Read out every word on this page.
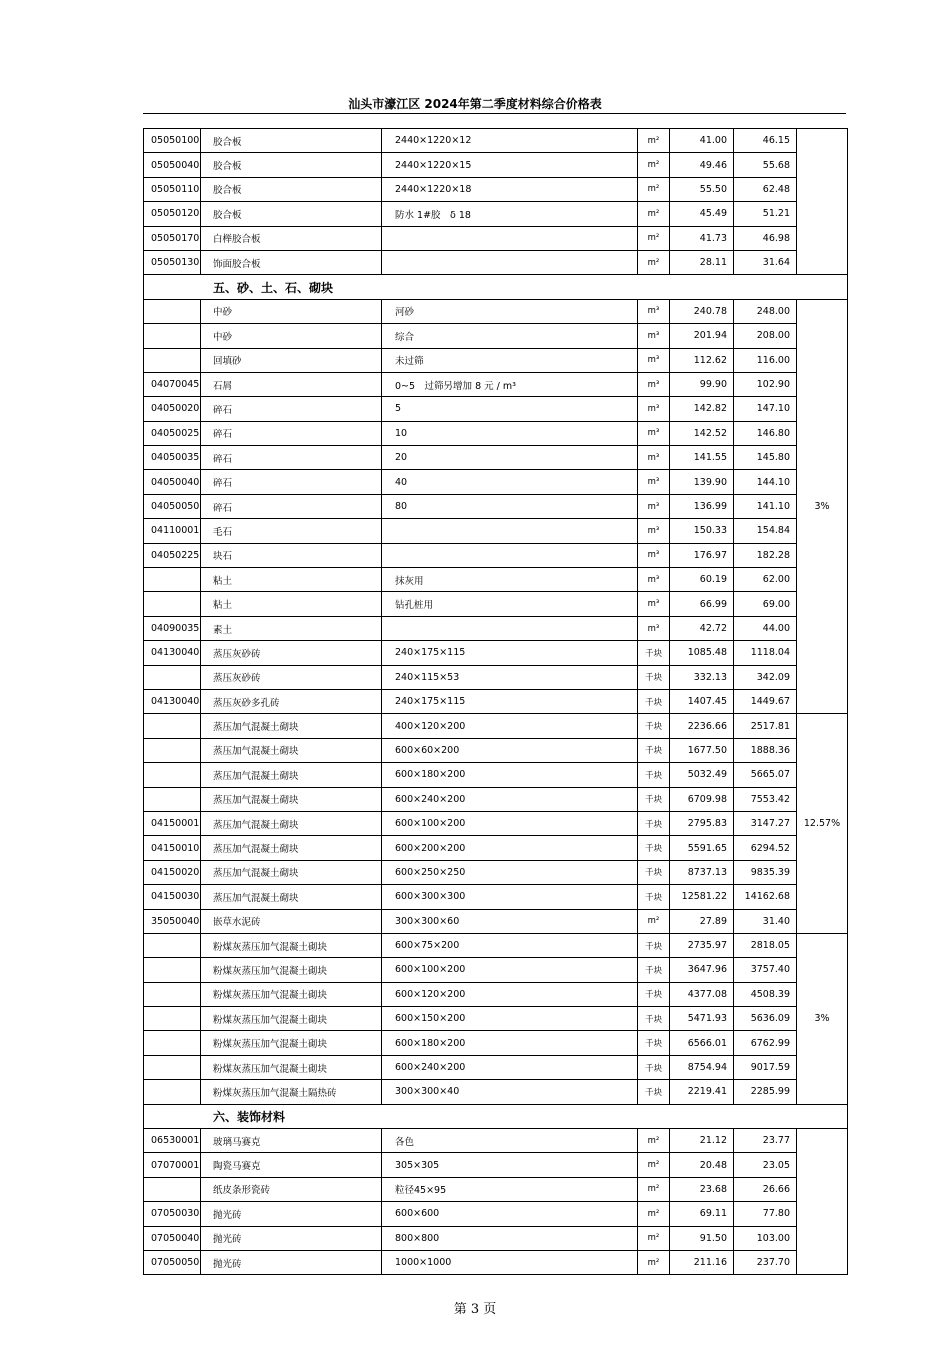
汕头市濠江区 2024年第二季度材料综合价格表
05050100	胶合板	2440×1220×12	m²	41.00	46.15	
05050040	胶合板	2440×1220×15	m²	49.46	55.68	
05050110	胶合板	2440×1220×18	m²	55.50	62.48	
05050120	胶合板	防水 1#胶　δ 18	m²	45.49	51.21	
05050170	白榉胶合板		m²	41.73	46.98	
05050130	饰面胶合板		m²	28.11	31.64	
五、砂、土、石、砌块						
	中砂	河砂	m³	240.78	248.00	3%
	中砂	综合	m³	201.94	208.00	
	回填砂	未过筛	m³	112.62	116.00	
04070045	石屑	0~5　过筛另增加 8 元 / m³	m³	99.90	102.90	
04050020	碎石	5	m³	142.82	147.10	
04050025	碎石	10	m³	142.52	146.80	
04050035	碎石	20	m³	141.55	145.80	
04050040	碎石	40	m³	139.90	144.10	
04050050	碎石	80	m³	136.99	141.10	
04110001	毛石		m³	150.33	154.84	
04050225	块石		m³	176.97	182.28	
	粘土	抹灰用	m³	60.19	62.00	
	粘土	钻孔桩用	m³	66.99	69.00	
04090035	素土		m³	42.72	44.00	
04130040	蒸压灰砂砖	240×175×115	千块	1085.48	1118.04	
	蒸压灰砂砖	240×115×53	千块	332.13	342.09	
04130040	蒸压灰砂多孔砖	240×175×115	千块	1407.45	1449.67	
	蒸压加气混凝土砌块	400×120×200	千块	2236.66	2517.81	12.57%
	蒸压加气混凝土砌块	600×60×200	千块	1677.50	1888.36	
	蒸压加气混凝土砌块	600×180×200	千块	5032.49	5665.07	
	蒸压加气混凝土砌块	600×240×200	千块	6709.98	7553.42	
04150001	蒸压加气混凝土砌块	600×100×200	千块	2795.83	3147.27	
04150010	蒸压加气混凝土砌块	600×200×200	千块	5591.65	6294.52	
04150020	蒸压加气混凝土砌块	600×250×250	千块	8737.13	9835.39	
04150030	蒸压加气混凝土砌块	600×300×300	千块	12581.22	14162.68	
35050040	嵌草水泥砖	300×300×60	m²	27.89	31.40	
	粉煤灰蒸压加气混凝土砌块	600×75×200	千块	2735.97	2818.05	3%
	粉煤灰蒸压加气混凝土砌块	600×100×200	千块	3647.96	3757.40	
	粉煤灰蒸压加气混凝土砌块	600×120×200	千块	4377.08	4508.39	
	粉煤灰蒸压加气混凝土砌块	600×150×200	千块	5471.93	5636.09	
	粉煤灰蒸压加气混凝土砌块	600×180×200	千块	6566.01	6762.99	
	粉煤灰蒸压加气混凝土砌块	600×240×200	千块	8754.94	9017.59	
	粉煤灰蒸压加气混凝土隔热砖	300×300×40	千块	2219.41	2285.99	
六、装饰材料						
06530001	玻璃马赛克	各色	m²	21.12	23.77	
07070001	陶瓷马赛克	305×305	m²	20.48	23.05	
	纸皮条形瓷砖	粒径45×95	m²	23.68	26.66	
07050030	抛光砖	600×600	m²	69.11	77.80	
07050040	抛光砖	800×800	m²	91.50	103.00	
07050050	抛光砖	1000×1000	m²	211.16	237.70	
第 3 页
